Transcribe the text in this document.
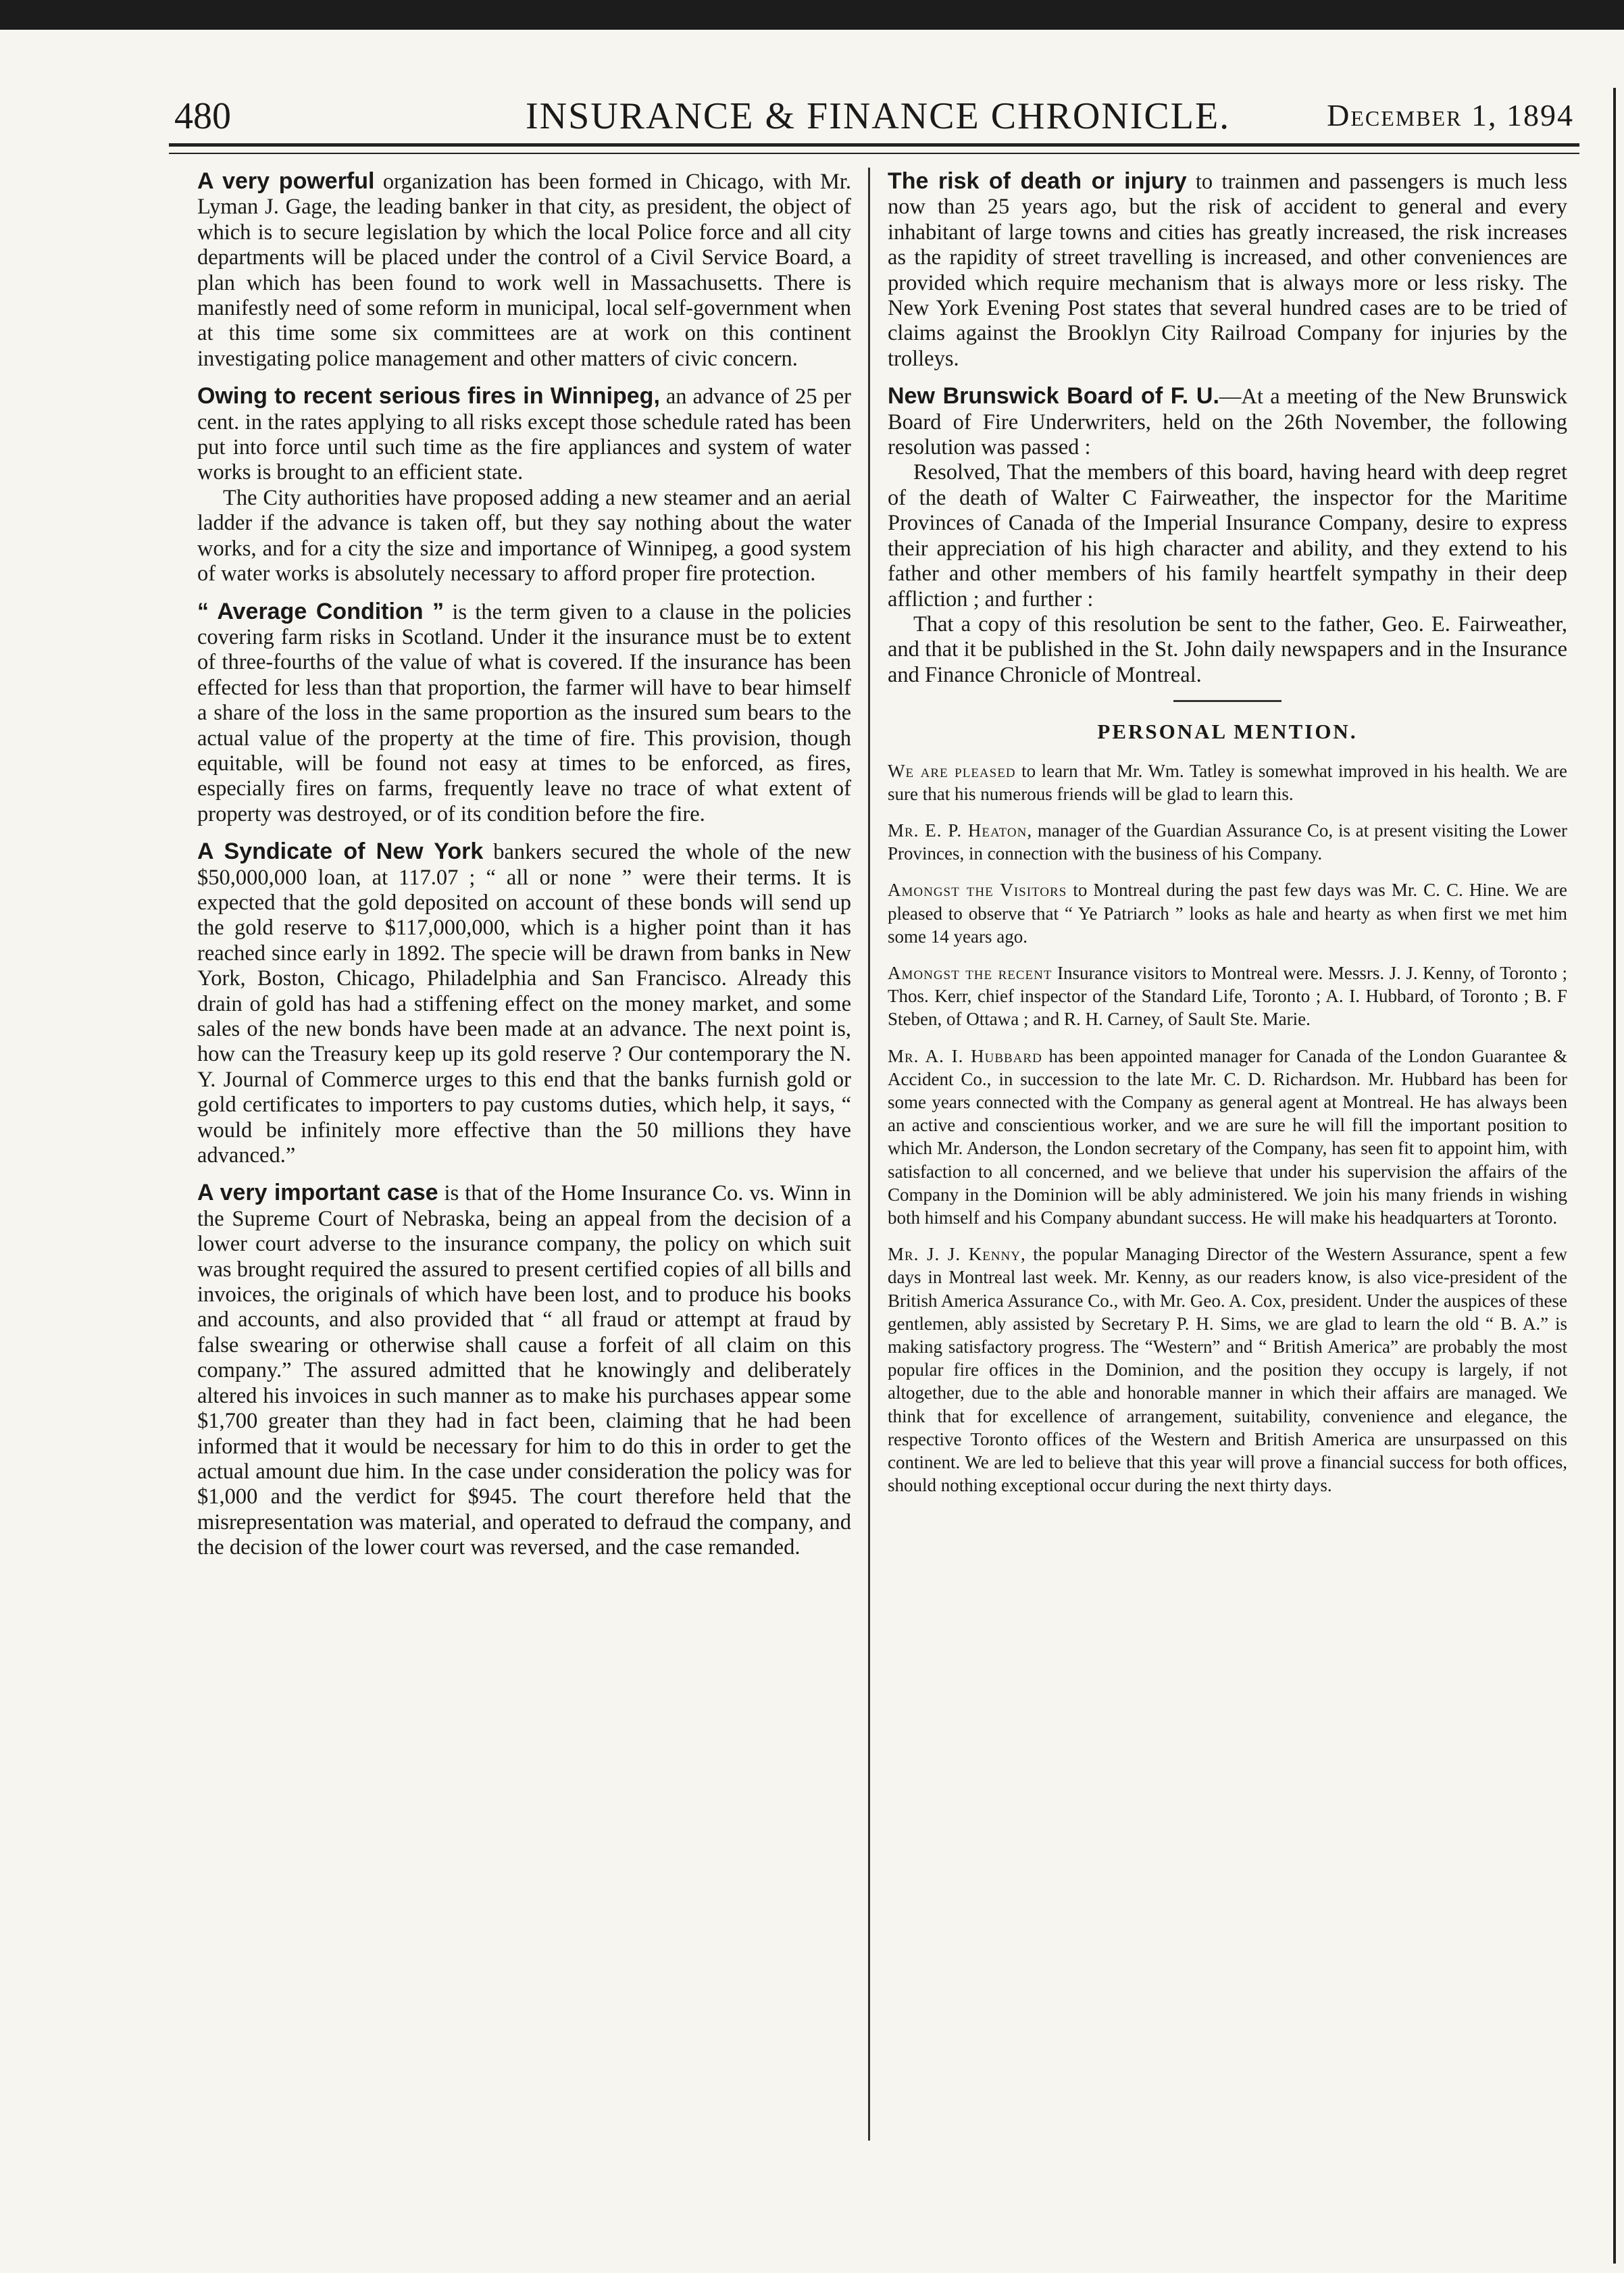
480	INSURANCE & FINANCE CHRONICLE.	December 1, 1894

A very powerful organization has been formed in Chicago, with Mr. Lyman J. Gage, the leading banker in that city, as president, the object of which is to secure legislation by which the local Police force and all city departments will be placed under the control of a Civil Service Board, a plan which has been found to work well in Massachusetts. There is manifestly need of some reform in municipal, local self-government when at this time some six committees are at work on this continent investigating police management and other matters of civic concern.

Owing to recent serious fires in Winnipeg, an advance of 25 per cent. in the rates applying to all risks except those schedule rated has been put into force until such time as the fire appliances and system of water works is brought to an efficient state.

The City authorities have proposed adding a new steamer and an aerial ladder if the advance is taken off, but they say nothing about the water works, and for a city the size and importance of Winnipeg, a good system of water works is absolutely necessary to afford proper fire protection.

“ Average Condition ” is the term given to a clause in the policies covering farm risks in Scotland. Under it the insurance must be to extent of three-fourths of the value of what is covered. If the insurance has been effected for less than that proportion, the farmer will have to bear himself a share of the loss in the same proportion as the insured sum bears to the actual value of the property at the time of fire. This provision, though equitable, will be found not easy at times to be enforced, as fires, especially fires on farms, frequently leave no trace of what extent of property was destroyed, or of its condition before the fire.

A Syndicate of New York bankers secured the whole of the new $50,000,000 loan, at 117.07 ; “ all or none ” were their terms. It is expected that the gold deposited on account of these bonds will send up the gold reserve to $117,000,000, which is a higher point than it has reached since early in 1892. The specie will be drawn from banks in New York, Boston, Chicago, Philadelphia and San Francisco. Already this drain of gold has had a stiffening effect on the money market, and some sales of the new bonds have been made at an advance. The next point is, how can the Treasury keep up its gold reserve ? Our contemporary the N. Y. Journal of Commerce urges to this end that the banks furnish gold or gold certificates to importers to pay customs duties, which help, it says, “ would be infinitely more effective than the 50 millions they have advanced.”

A very important case is that of the Home Insurance Co. vs. Winn in the Supreme Court of Nebraska, being an appeal from the decision of a lower court adverse to the insurance company, the policy on which suit was brought required the assured to present certified copies of all bills and invoices, the originals of which have been lost, and to produce his books and accounts, and also provided that “ all fraud or attempt at fraud by false swearing or otherwise shall cause a forfeit of all claim on this company.” The assured admitted that he knowingly and deliberately altered his invoices in such manner as to make his purchases appear some $1,700 greater than they had in fact been, claiming that he had been informed that it would be necessary for him to do this in order to get the actual amount due him. In the case under consideration the policy was for $1,000 and the verdict for $945. The court therefore held that the misrepresentation was material, and operated to defraud the company, and the decision of the lower court was reversed, and the case remanded.

The risk of death or injury to trainmen and passengers is much less now than 25 years ago, but the risk of accident to general and every inhabitant of large towns and cities has greatly increased, the risk increases as the rapidity of street travelling is increased, and other conveniences are provided which require mechanism that is always more or less risky. The New York Evening Post states that several hundred cases are to be tried of claims against the Brooklyn City Railroad Company for injuries by the trolleys.

New Brunswick Board of F. U.—At a meeting of the New Brunswick Board of Fire Underwriters, held on the 26th November, the following resolution was passed :

Resolved, That the members of this board, having heard with deep regret of the death of Walter C Fairweather, the inspector for the Maritime Provinces of Canada of the Imperial Insurance Company, desire to express their appreciation of his high character and ability, and they extend to his father and other members of his family heartfelt sympathy in their deep affliction ; and further :

That a copy of this resolution be sent to the father, Geo. E. Fairweather, and that it be published in the St. John daily newspapers and in the Insurance and Finance Chronicle of Montreal.

PERSONAL MENTION.

We are pleased to learn that Mr. Wm. Tatley is somewhat improved in his health. We are sure that his numerous friends will be glad to learn this.

Mr. E. P. Heaton, manager of the Guardian Assurance Co, is at present visiting the Lower Provinces, in connection with the business of his Company.

Amongst the Visitors to Montreal during the past few days was Mr. C. C. Hine. We are pleased to observe that “ Ye Patriarch ” looks as hale and hearty as when first we met him some 14 years ago.

Amongst the recent Insurance visitors to Montreal were. Messrs. J. J. Kenny, of Toronto ; Thos. Kerr, chief inspector of the Standard Life, Toronto ; A. I. Hubbard, of Toronto ; B. F Steben, of Ottawa ; and R. H. Carney, of Sault Ste. Marie.

Mr. A. I. Hubbard has been appointed manager for Canada of the London Guarantee & Accident Co., in succession to the late Mr. C. D. Richardson. Mr. Hubbard has been for some years connected with the Company as general agent at Montreal. He has always been an active and conscientious worker, and we are sure he will fill the important position to which Mr. Anderson, the London secretary of the Company, has seen fit to appoint him, with satisfaction to all concerned, and we believe that under his supervision the affairs of the Company in the Dominion will be ably administered. We join his many friends in wishing both himself and his Company abundant success. He will make his headquarters at Toronto.

Mr. J. J. Kenny, the popular Managing Director of the Western Assurance, spent a few days in Montreal last week. Mr. Kenny, as our readers know, is also vice-president of the British America Assurance Co., with Mr. Geo. A. Cox, president. Under the auspices of these gentlemen, ably assisted by Secretary P. H. Sims, we are glad to learn the old “ B. A.” is making satisfactory progress. The “Western” and “ British America” are probably the most popular fire offices in the Dominion, and the position they occupy is largely, if not altogether, due to the able and honorable manner in which their affairs are managed. We think that for excellence of arrangement, suitability, convenience and elegance, the respective Toronto offices of the Western and British America are unsurpassed on this continent. We are led to believe that this year will prove a financial success for both offices, should nothing exceptional occur during the next thirty days.
